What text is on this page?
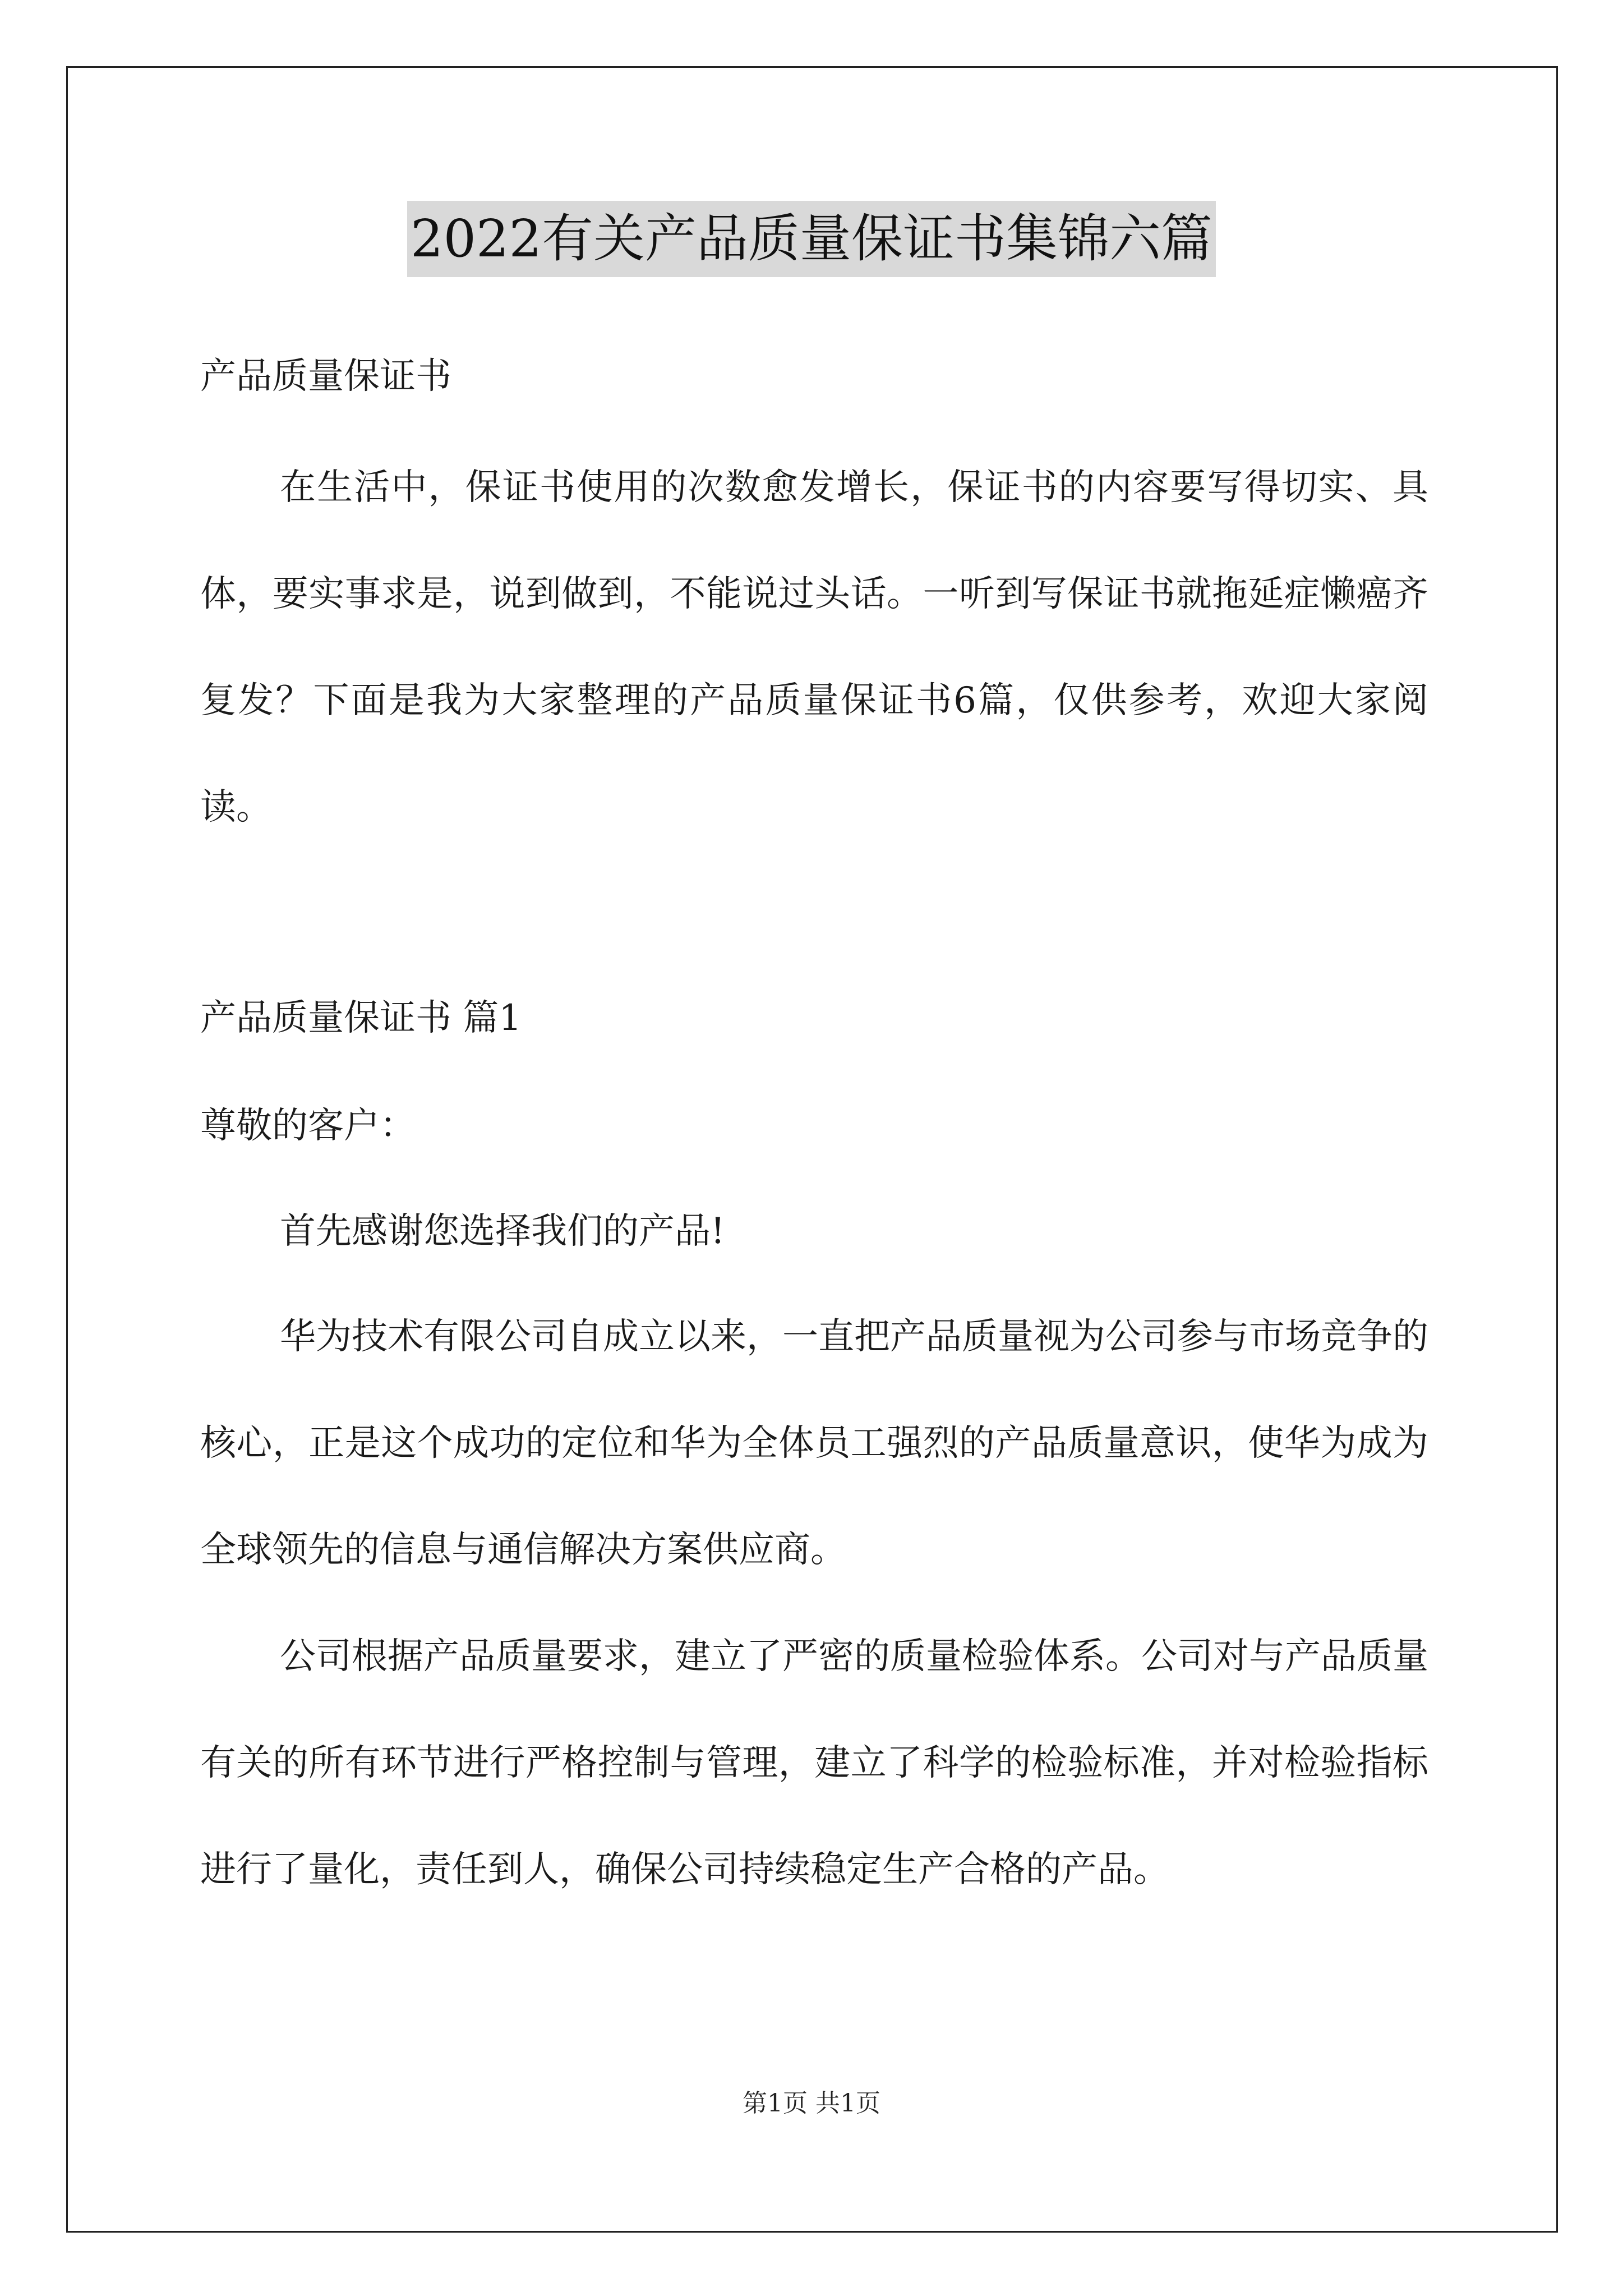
2022有关产品质量保证书集锦六篇
产品质量保证书
在生活中，保证书使用的次数愈发增长，保证书的内容要写得切实、具体，要实事求是，说到做到，不能说过头话。一听到写保证书就拖延症懒癌齐复发？下面是我为大家整理的产品质量保证书6篇，仅供参考，欢迎大家阅读。
产品质量保证书 篇1
尊敬的客户：
首先感谢您选择我们的产品!
华为技术有限公司自成立以来，一直把产品质量视为公司参与市场竞争的核心，正是这个成功的定位和华为全体员工强烈的产品质量意识，使华为成为全球领先的信息与通信解决方案供应商。
公司根据产品质量要求，建立了严密的质量检验体系。公司对与产品质量有关的所有环节进行严格控制与管理，建立了科学的检验标准，并对检验指标进行了量化，责任到人，确保公司持续稳定生产合格的产品。
第1页 共1页
